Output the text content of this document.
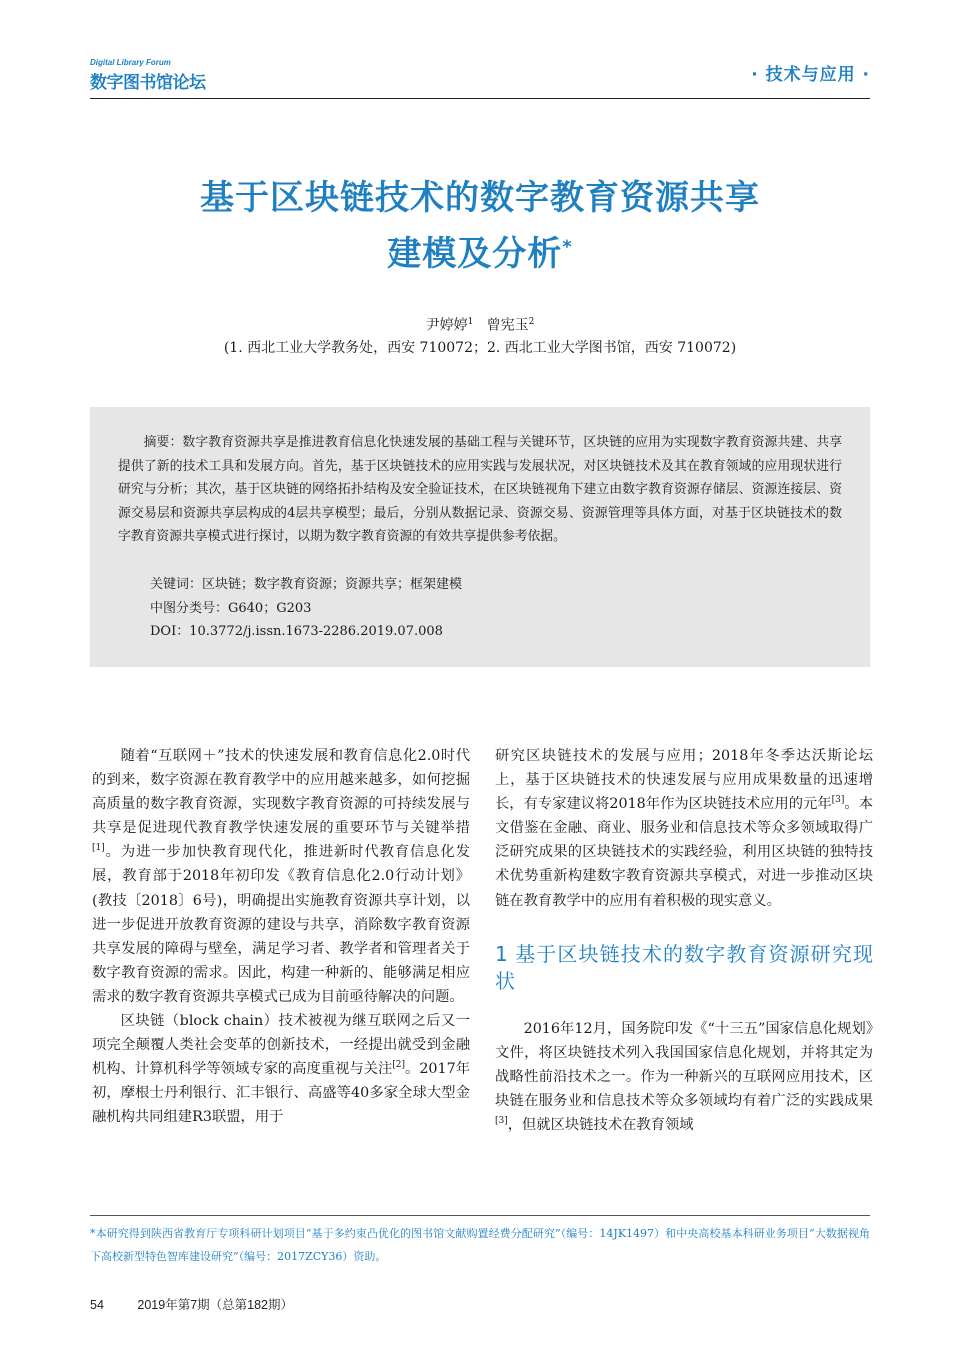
Digital Library Forum
数字图书馆论坛	· 技术与应用 ·
基于区块链技术的数字教育资源共享
建模及分析*
尹婷婷$^1$ 曾宪玉$^2$
(1. 西北工业大学教务处，西安 710072；2. 西北工业大学图书馆，西安 710072)

摘要：数字教育资源共享是推进教育信息化快速发展的基础工程与关键环节，区块链的应用为实现数字教育资源共建、共享提供了新的技术工具和发展方向。首先，基于区块链技术的应用实践与发展状况，对区块链技术及其在教育领域的应用现状进行研究与分析；其次，基于区块链的网络拓扑结构及安全验证技术，在区块链视角下建立由数字教育资源存储层、资源连接层、资源交易层和资源共享层构成的4层共享模型；最后，分别从数据记录、资源交易、资源管理等具体方面，对基于区块链技术的数字教育资源共享模式进行探讨，以期为数字教育资源的有效共享提供参考依据。

关键词：区块链；数字教育资源；资源共享；框架建模
中图分类号：G640；G203
DOI：10.3772/j.issn.1673-2286.2019.07.008

随着“互联网＋”技术的快速发展和教育信息化2.0时代的到来，数字资源在教育教学中的应用越来越多，如何挖掘高质量的数字教育资源，实现数字教育资源的可持续发展与共享是促进现代教育教学快速发展的重要环节与关键举措[1]。为进一步加快教育现代化，推进新时代教育信息化发展，教育部于2018年初印发《教育信息化2.0行动计划》(教技〔2018〕6号)，明确提出实施教育资源共享计划，以进一步促进开放教育资源的建设与共享，消除数字教育资源共享发展的障碍与壁垒，满足学习者、教学者和管理者关于数字教育资源的需求。因此，构建一种新的、能够满足相应需求的数字教育资源共享模式已成为目前亟待解决的问题。

区块链（block chain）技术被视为继互联网之后又一项完全颠覆人类社会变革的创新技术，一经提出就受到金融机构、计算机科学等领域专家的高度重视与关注[2]。2017年初，摩根士丹利银行、汇丰银行、高盛等40多家全球大型金融机构共同组建R3联盟，用于

研究区块链技术的发展与应用；2018年冬季达沃斯论坛上，基于区块链技术的快速发展与应用成果数量的迅速增长，有专家建议将2018年作为区块链技术应用的元年[3]。本文借鉴在金融、商业、服务业和信息技术等众多领域取得广泛研究成果的区块链技术的实践经验，利用区块链的独特技术优势重新构建数字教育资源共享模式，对进一步推动区块链在教育教学中的应用有着积极的现实意义。

1 基于区块链技术的数字教育资源研究现状

2016年12月，国务院印发《“十三五”国家信息化规划》文件，将区块链技术列入我国国家信息化规划，并将其定为战略性前沿技术之一。作为一种新兴的互联网应用技术，区块链在服务业和信息技术等众多领域均有着广泛的实践成果[3]，但就区块链技术在教育领域

*本研究得到陕西省教育厅专项科研计划项目“基于多约束凸优化的图书馆文献购置经费分配研究”（编号：14JK1497）和中央高校基本科研业务项目“大数据视角下高校新型特色智库建设研究”（编号：2017ZCY36）资助。
54	2019年第7期（总第182期）
